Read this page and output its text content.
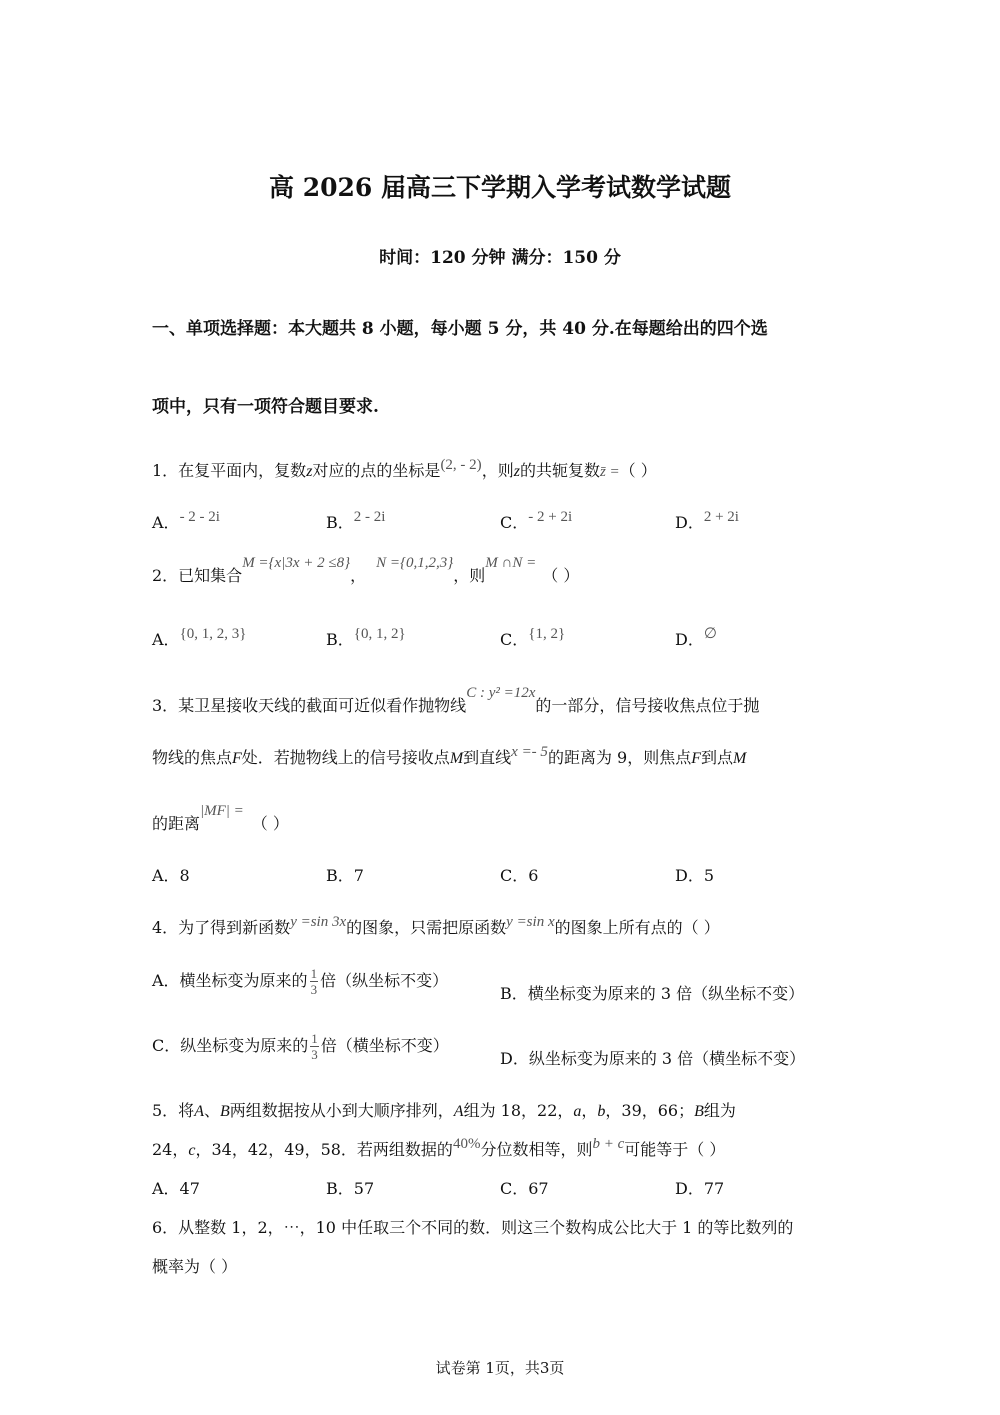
高 2026 届高三下学期入学考试数学试题
时间：120 分钟 满分：150 分
一、单项选择题：本大题共 8 小题，每小题 5 分，共 40 分.在每题给出的四个选
项中，只有一项符合题目要求.
1．在复平面内，复数z对应的点的坐标是(2, - 2)，则z的共轭复数z̄ =（ ）
A．- 2 - 2i	B．2 - 2i	C．- 2 + 2i	D．2 + 2i
2．已知集合M ={x|3x + 2 ≤8}，N ={0,1,2,3}，则M ∩N =（ ）
A．{0, 1, 2, 3}	B．{0, 1, 2}	C．{1, 2}	D．∅
3．某卫星接收天线的截面可近似看作抛物线C : y² =12x的一部分，信号接收焦点位于抛
物线的焦点F处．若抛物线上的信号接收点M到直线x =- 5的距离为 9，则焦点F到点M
的距离|MF| =（ ）
A．8	B．7	C．6	D．5
4．为了得到新函数y =sin 3x的图象，只需把原函数y =sin x的图象上所有点的（ ）
A．横坐标变为原来的 $\frac{1}{3}$ 倍（纵坐标不变）
B．横坐标变为原来的 3 倍（纵坐标不变）
C．纵坐标变为原来的 $\frac{1}{3}$ 倍（横坐标不变）
D．纵坐标变为原来的 3 倍（横坐标不变）
5．将A、B两组数据按从小到大顺序排列，A组为 18，22，a，b，39，66；B组为
24，c，34，42，49，58．若两组数据的40%分位数相等，则b + c可能等于（ ）
A．47	B．57	C．67	D．77
6．从整数 1，2，⋯，10 中任取三个不同的数．则这三个数构成公比大于 1 的等比数列的
概率为（ ）
试卷第 1页，共3页
